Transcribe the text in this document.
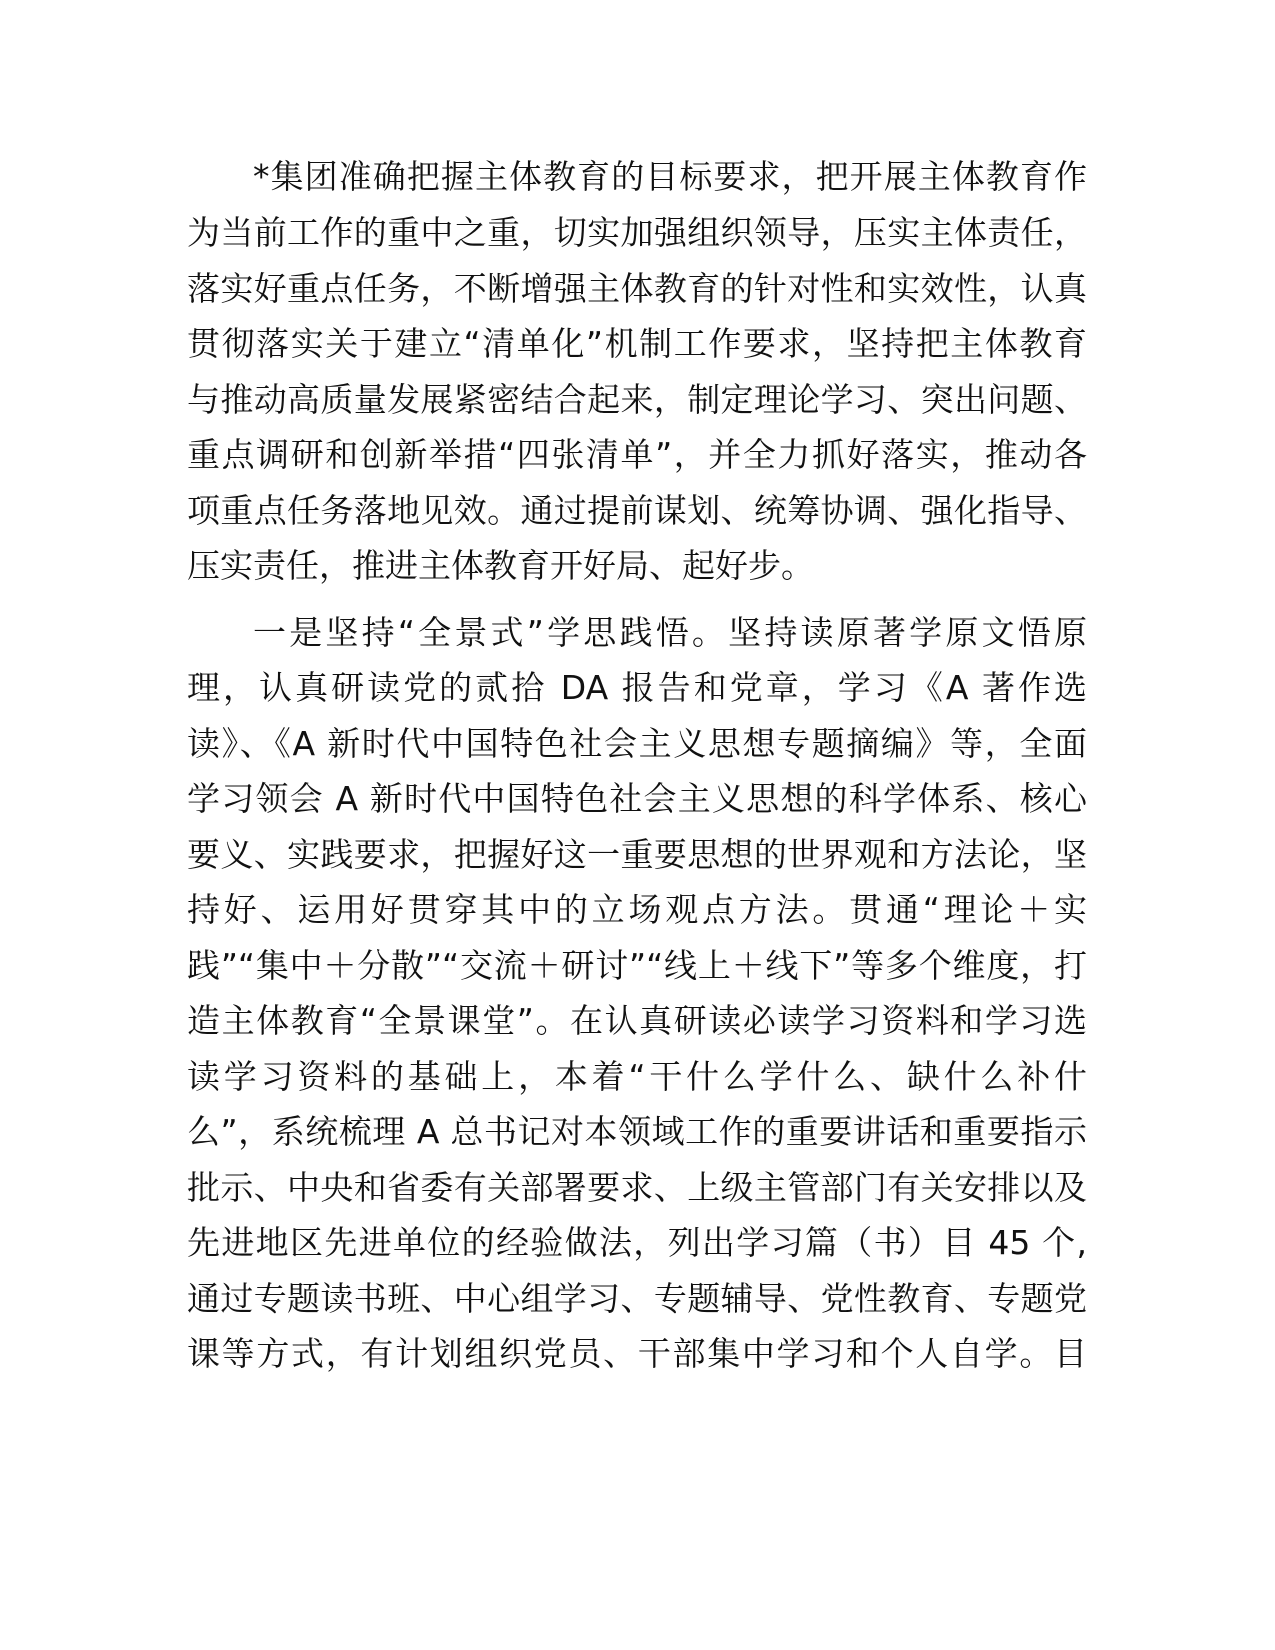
*集团准确把握主体教育的目标要求，把开展主体教育作
为当前工作的重中之重，切实加强组织领导，压实主体责任，
落实好重点任务，不断增强主体教育的针对性和实效性，认真
贯彻落实关于建立“清单化”机制工作要求，坚持把主体教育
与推动高质量发展紧密结合起来，制定理论学习、突出问题、
重点调研和创新举措“四张清单”，并全力抓好落实，推动各
项重点任务落地见效。通过提前谋划、统筹协调、强化指导、
压实责任，推进主体教育开好局、起好步。
一是坚持“全景式”学思践悟。坚持读原著学原文悟原
理，认真研读党的贰拾 DA 报告和党章，学习《A 著作选
读》、《A 新时代中国特色社会主义思想专题摘编》等，全面
学习领会 A 新时代中国特色社会主义思想的科学体系、核心
要义、实践要求，把握好这一重要思想的世界观和方法论，坚
持好、运用好贯穿其中的立场观点方法。贯通“理论＋实
践”“集中＋分散”“交流＋研讨”“线上＋线下”等多个维度，打
造主体教育“全景课堂”。在认真研读必读学习资料和学习选
读学习资料的基础上，本着“干什么学什么、缺什么补什
么”，系统梳理 A 总书记对本领域工作的重要讲话和重要指示
批示、中央和省委有关部署要求、上级主管部门有关安排以及
先进地区先进单位的经验做法，列出学习篇（书）目 45 个,
通过专题读书班、中心组学习、专题辅导、党性教育、专题党
课等方式，有计划组织党员、干部集中学习和个人自学。目
